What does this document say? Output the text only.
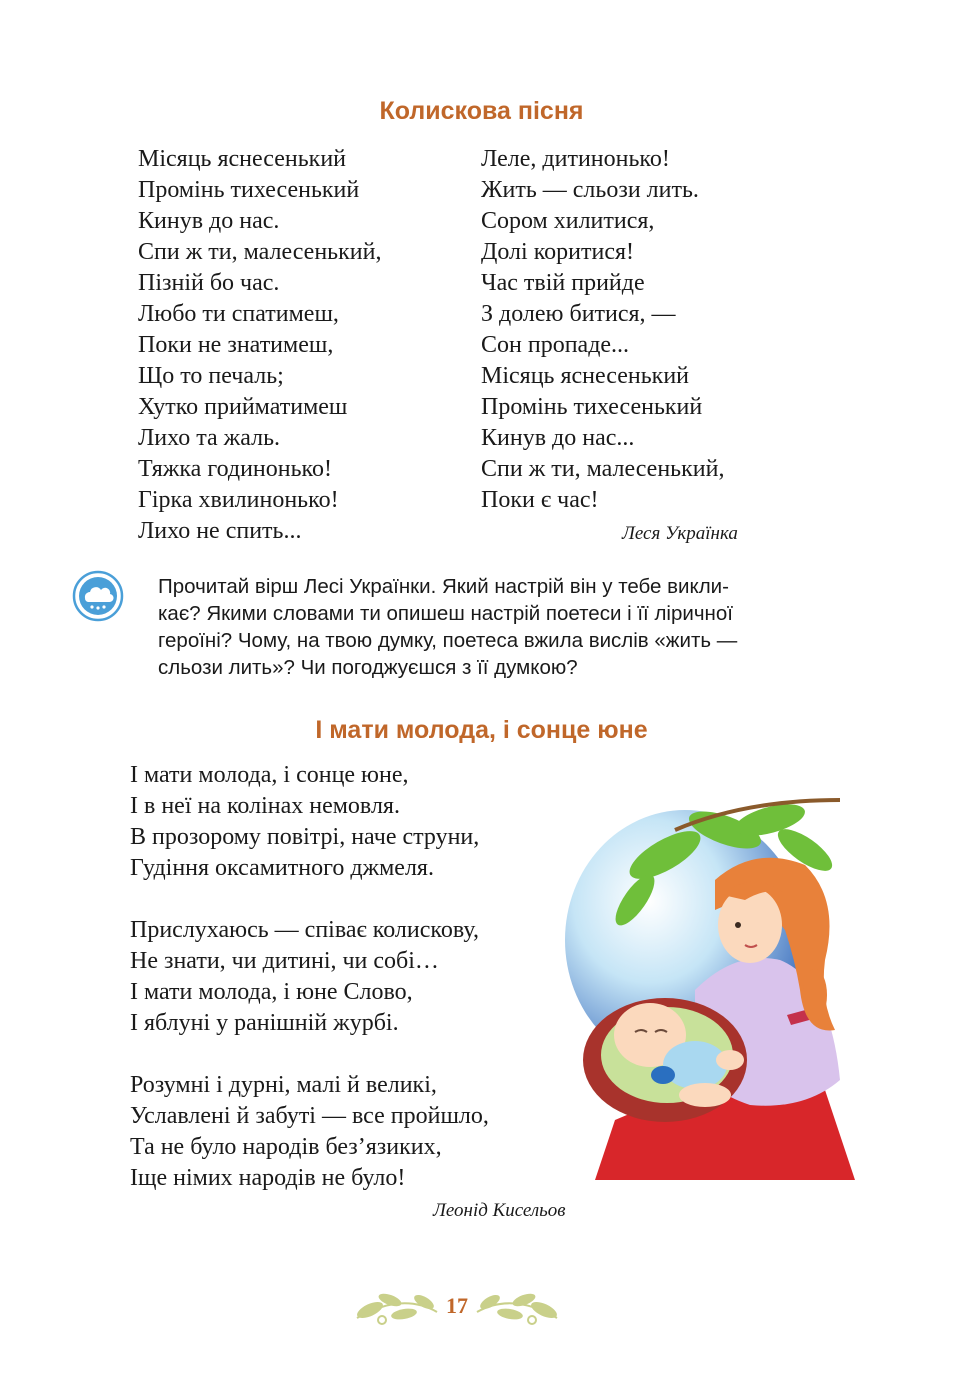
Колискова пісня
Місяць яснесенький
Промінь тихесенький
Кинув до нас.
Спи ж ти, малесенький,
Пізній бо час.
Любо ти спатимеш,
Поки не знатимеш,
Що то печаль;
Хутко прийматимеш
Лихо та жаль.
Тяжка годинонько!
Гірка хвилинонько!
Лихо не спить...
Леле, дитинонько!
Жить — сльози лить.
Сором хилитися,
Долі коритися!
Час твій прийде
З долею битися, —
Сон пропаде...
Місяць яснесенький
Промінь тихесенький
Кинув до нас...
Спи ж ти, малесенький,
Поки є час!
Леся Українка
Прочитай вірш Лесі Українки. Який настрій він у тебе викли-
кає? Якими словами ти опишеш настрій поетеси і її ліричної
героїні? Чому, на твою думку, поетеса вжила вислів «жить —
сльози лить»? Чи погоджуєшся з її думкою?
І мати молода, і сонце юне
І мати молода, і сонце юне,
І в неї на колінах немовля.
В прозорому повітрі, наче струни,
Гудіння оксамитного джмеля.
Прислухаюсь — співає колискову,
Не знати, чи дитині, чи собі…
І мати молода, і юне Слово,
І яблуні у ранішній журбі.
Розумні і дурні, малі й великі,
Уславлені й забуті — все пройшло,
Та не було народів без’язиких,
Іще німих народів не було!
Леонід Кисельов
17
